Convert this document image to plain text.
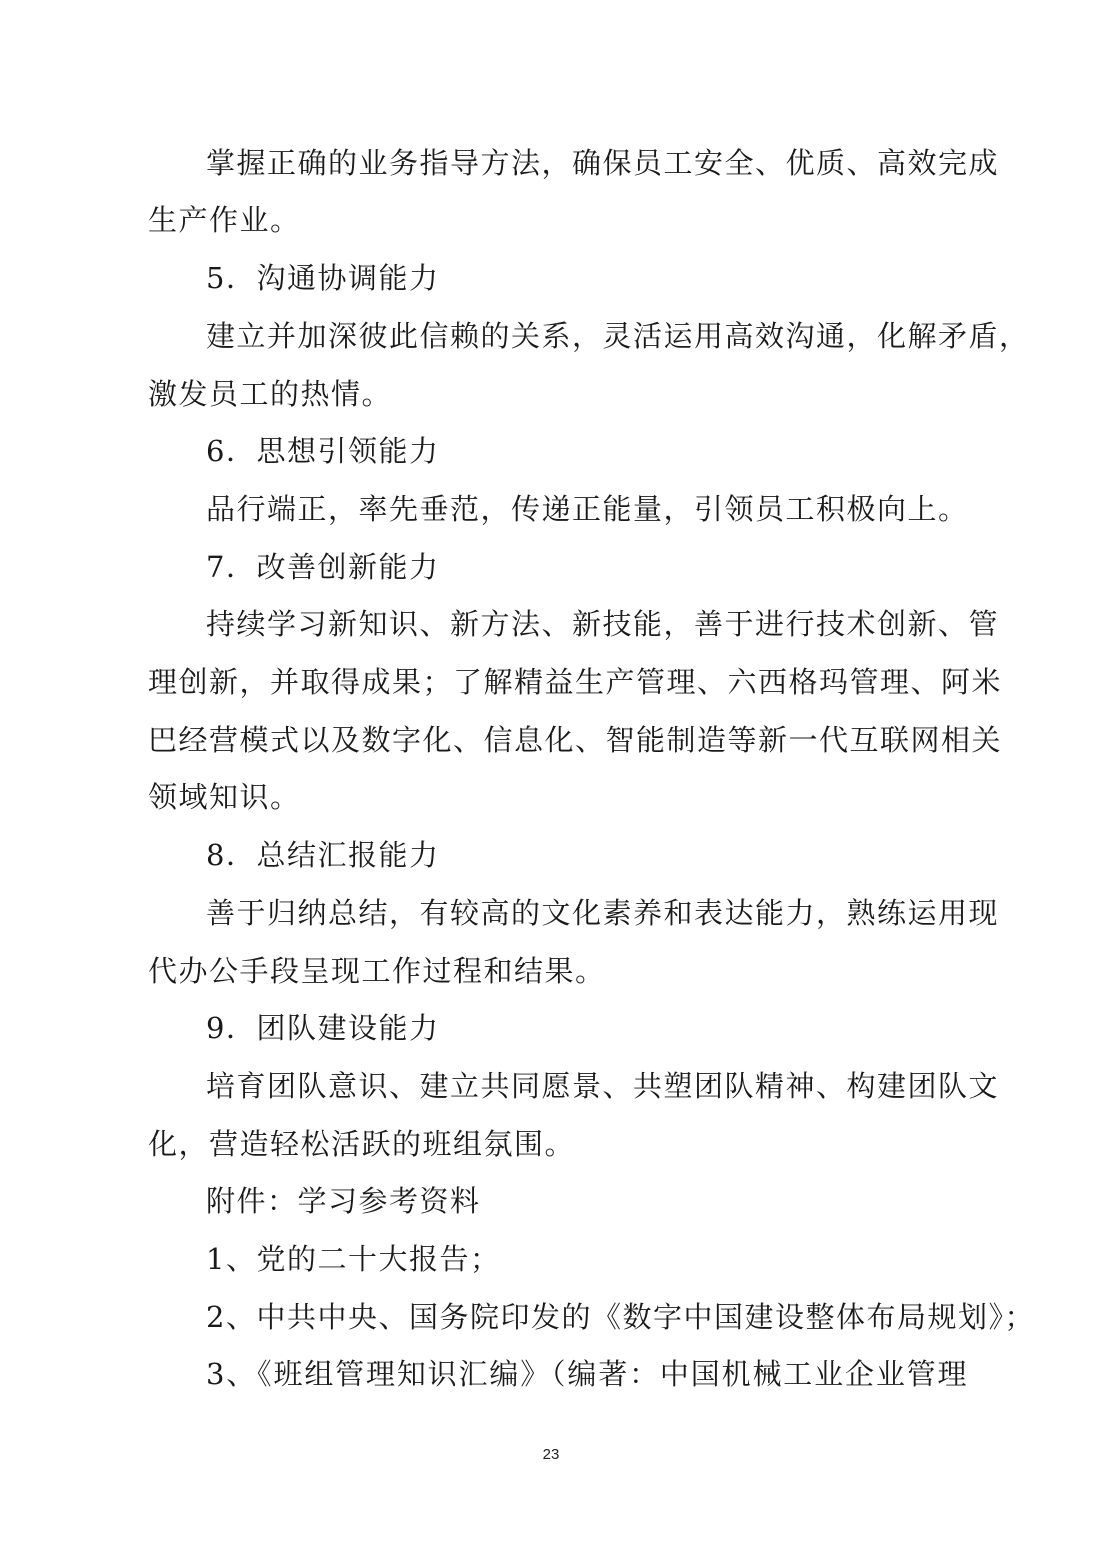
掌握正确的业务指导方法，确保员工安全、优质、高效完成
生产作业。
5．沟通协调能力
建立并加深彼此信赖的关系，灵活运用高效沟通，化解矛盾，
激发员工的热情。
6．思想引领能力
品行端正，率先垂范，传递正能量，引领员工积极向上。
7．改善创新能力
持续学习新知识、新方法、新技能，善于进行技术创新、管
理创新，并取得成果；了解精益生产管理、六西格玛管理、阿米
巴经营模式以及数字化、信息化、智能制造等新一代互联网相关
领域知识。
8．总结汇报能力
善于归纳总结，有较高的文化素养和表达能力，熟练运用现
代办公手段呈现工作过程和结果。
9．团队建设能力
培育团队意识、建立共同愿景、共塑团队精神、构建团队文
化，营造轻松活跃的班组氛围。
附件：学习参考资料
1、党的二十大报告；
2、中共中央、国务院印发的《数字中国建设整体布局规划》；
3、《班组管理知识汇编》（编著：中国机械工业企业管理
23
